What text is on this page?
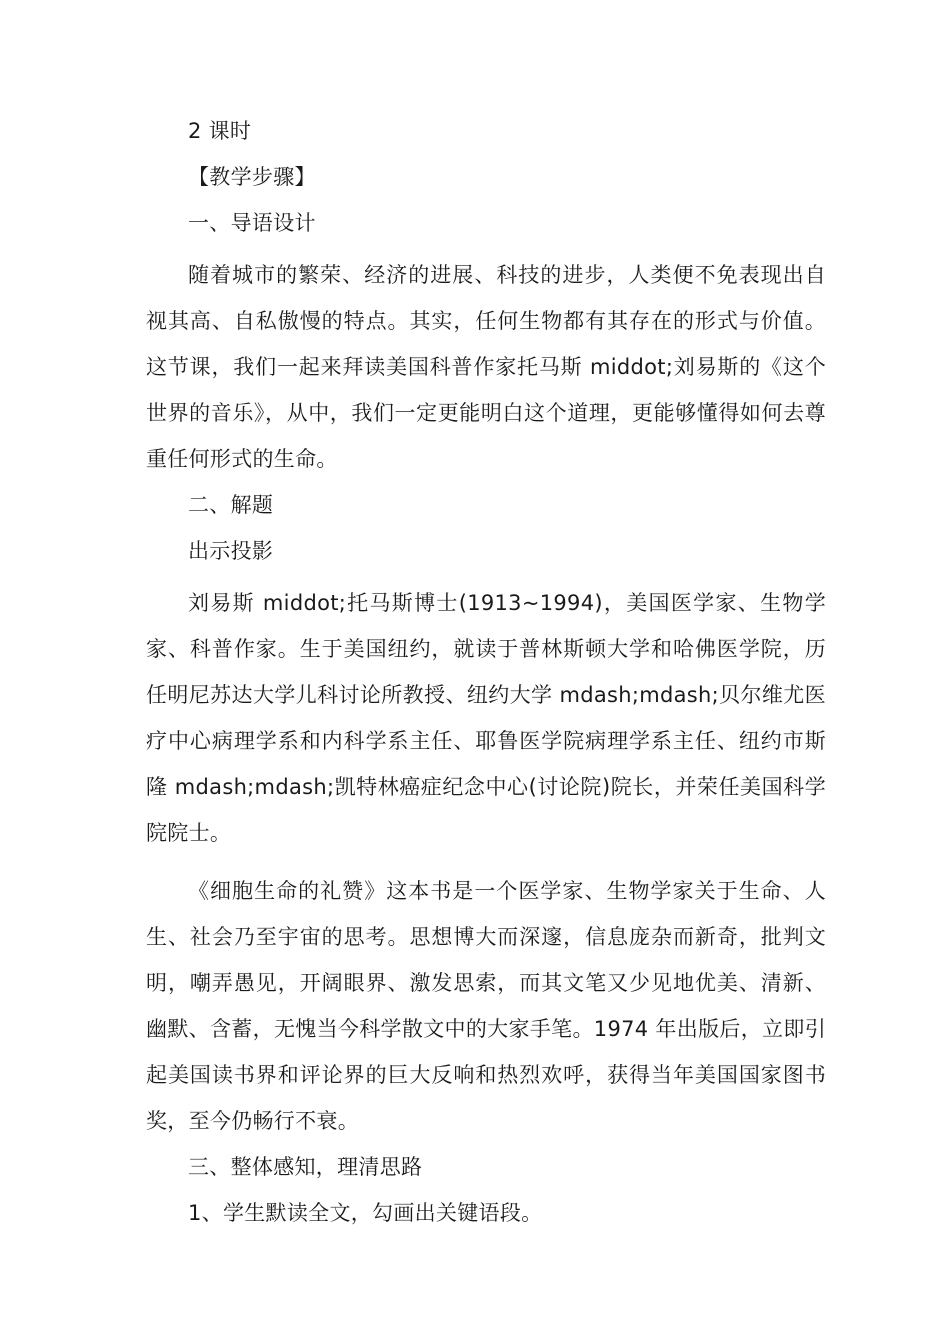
2 课时

【教学步骤】

一、导语设计

随着城市的繁荣、经济的进展、科技的进步，人类便不免表现出自视其高、自私傲慢的特点。其实，任何生物都有其存在的形式与价值。这节课，我们一起来拜读美国科普作家托马斯 middot;刘易斯的《这个世界的音乐》，从中，我们一定更能明白这个道理，更能够懂得如何去尊重任何形式的生命。

二、解题

出示投影

刘易斯 middot;托马斯博士(1913~1994)，美国医学家、生物学家、科普作家。生于美国纽约，就读于普林斯顿大学和哈佛医学院，历任明尼苏达大学儿科讨论所教授、纽约大学 mdash;mdash;贝尔维尤医疗中心病理学系和内科学系主任、耶鲁医学院病理学系主任、纽约市斯隆 mdash;mdash;凯特林癌症纪念中心(讨论院)院长，并荣任美国科学院院士。

《细胞生命的礼赞》这本书是一个医学家、生物学家关于生命、人生、社会乃至宇宙的思考。思想博大而深邃，信息庞杂而新奇，批判文明，嘲弄愚见，开阔眼界、激发思索，而其文笔又少见地优美、清新、幽默、含蓄，无愧当今科学散文中的大家手笔。1974 年出版后，立即引起美国读书界和评论界的巨大反响和热烈欢呼，获得当年美国国家图书奖，至今仍畅行不衰。

三、整体感知，理清思路

1、学生默读全文，勾画出关键语段。
